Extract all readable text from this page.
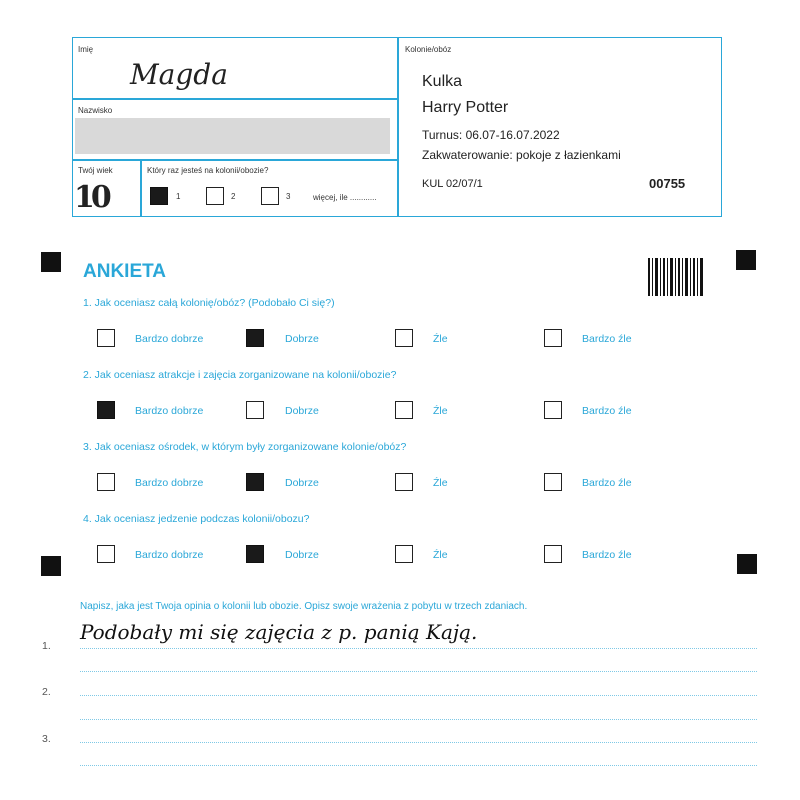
Imię
Magda
Nazwisko
Twój wiek
10
Który raz jesteś na kolonii/obozie?
1	2	3	więcej, ile ............
Kolonie/obóz
Kulka
Harry Potter
Turnus: 06.07-16.07.2022
Zakwaterowanie: pokoje z łazienkami
KUL 02/07/1	00755
ANKIETA
1. Jak oceniasz całą kolonię/obóz? (Podobało Ci się?)
Bardzo dobrze	Dobrze	Źle	Bardzo źle
2. Jak oceniasz atrakcje i zajęcia zorganizowane na kolonii/obozie?
Bardzo dobrze	Dobrze	Źle	Bardzo źle
3. Jak oceniasz ośrodek, w którym były zorganizowane kolonie/obóz?
Bardzo dobrze	Dobrze	Źle	Bardzo źle
4. Jak oceniasz jedzenie podczas kolonii/obozu?
Bardzo dobrze	Dobrze	Źle	Bardzo źle
Napisz, jaka jest Twoja opinia o kolonii lub obozie. Opisz swoje wrażenia z pobytu w trzech zdaniach.
1.
Podobały mi się zajęcia z p. panią Kają.
2.
3.
